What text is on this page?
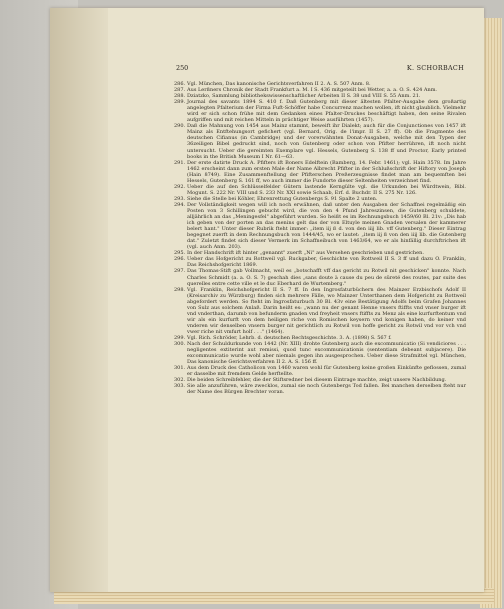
250	K. SCHORBACH
286. Vgl. München, Das kanonische Gerichtsverfahren II 2. A. S. 507 Anm. 8.
287. Aus Lerßners Chronik der Stadt Frankfurt a. M. I S. 436 mitgeteilt bei Wetter, a. a. O. S. 424 Anm.
288. Dziatzko, Sammlung bibliothekswissenschaftlicher Arbeiten II S. 38 und VIII S. 55 Anm. 21.
289. Journal des savants 1894 S. 410 f. Daß Gutenberg mit dieser ältesten Pfalter-Ausgabe dem großartig angelegten Pfalterium der Firma Fuft-Schöffer habe Concurrenz machen wollen, ift nicht glaublich. Vielmehr wird er sich schon frühe mit dem Gedanken eines Pfalter-Druckes beschäftigt haben, den seine Rivalen aufgriffen und mit reichen Mitteln in prächtiger Weise ausführten (1457).
290. Daß die Mahnung von 1454 aus Mainz stammt, beweift ihr Dialekt; auch für die Conjunctiones von 1457 ift Mainz als Entftehungsort gefichert (vgl. Bernard, Orig. de l'impr. II S. 27 ff). Ob die Fragmente des deutschen Cifianus (in Cambridge) und der vorerwähnten Donat-Ausgaben, welche mit den Typen der 36zeiligen Bibel gedruckt sind, noch von Gutenberg oder schon von Pfifter herrühren, ift noch nicht untersucht. Ueber die gereimten Exemplare vgl. Hessels, Gutenberg S. 138 ff und Proctor, Early printed books in the British Museum I Nr. 61—63.
291. Der erste datirte Druck A. Pfifters ift Boners Edelftein (Bamberg, 14. Febr. 1461); vgl. Hain 3578. Im Jahre 1462 erscheint dann zum ersten Male der Name Albrecht Pfifter in der Schlußschrift der Hiftory von Joseph (Hain 8749). Eine Zusammenftellung der Pfifterschen Preßerzeugnisse findet man am bequemften bei Hessels, Gutenberg S. 161 ff, wo auch immer die Fundorte dieser Seltenheiten verzeichnet find.
292. Ueber die auf den Schlüsselfelder Gütern lastende Kerngülte vgl. die Urkunden bei Würdtwein, Bibl. Mogunt. S. 222 Nr. VIII und S. 233 Nr. XXI sowie Schaab, Erf. d. Buchdr. II S. 275 Nr. 126.
293. Siehe die Stelle bei Köhler, Ehrenrettung Gutenbergs S. 91 Spalte 2 unten.
294. Der Vollständigkeit wegen will ich noch erwähnen, daß unter den Ausgaben der Schaffnei regelmäßig ein Posten von 3 Schillingen gebucht wird, die von den 4 Pfund Jahreszinsen, die Gutenberg schuldete, alljährlich an das „Meningesfel" abgeführt wurden. So heißt es im Rechnungsbuch 1459/60 Bl. 21v: „Dis hab ich geben von der porten an das menins gelt das der von Eltuyle meinen Gnaden versalen der kammerer belert hant." Unter dieser Rubrik fteht immer: „item iij ß d. von den iiij lib. vff Gutenberg." Dieser Eintrag begegnet zuerft in dem Rechnungsbuch von 1444/45, wo er lautet: „item iij ß von den iiij lib. die Gutenberg dat." Zuletzt findet sich dieser Vermerk im Schaffneibuch von 1463/64, wo er als hinfällig durchftrichen ift (vgl. auch Anm. 203).
295. In der Handschrift ift hinter „genannt" zuerft „Ni" aus Versehen geschrieben und gestrichen.
296. Ueber das Hofgericht zu Rottweil vgl. Ruckgaber, Geschichte von Rottweil II S. 3 ff und dazu O. Franklin, Das Reichshofgericht 1869.
297. Das Thomas-Stift gab Vollmacht, weil es „botschafft vff das gericht zu Rotwil nit geschicken" konnte. Nach Charles Schmidt (a. a. O. S. 7) geschah dies „sans doute à cause du peu de sûreté des routes, par suite des querelles entre cette ville et le duc Eberhard de Wurtemberg."
298. Vgl. Franklin, Reichshofgericht II S. 7 ff. In den Ingrosfaturbüchern des Mainzer Erzbischofs Adolf II (Kreisarchiv zu Würzburg) finden sich mehrere Fälle, wo Mainzer Unterthanen dem Hofgericht zu Rottweil abgefordert werden. So fteht im Ingrosfaturbuch 30 Bl. 43v eine Bestätigung Adolfs beim Grafen Johannes von Sulz aus solchem Anlaß. Darin heißt es: „wann nu der genant Henne vnsers ftiffts vnd vnser burger ift vnd vnderthan, darumb von befunderm gnaden vnd freyheit vnsers ftiffts zu Menz als eine kurfurftentum vnd wir als ein kurfurft von dem heiligen riche von Romischen keysern vnd konigen haben, do keiner vnd vnderen wir denselben vnsern burger nit gerichtlich zu Rotwil von hoffe gericht zu Rotwil vnd vor vch vnd vwer riche nit vmfurt holf . . ." (1464).
299. Vgl. Rich. Schröder, Lehrb. d. deutschen Rechtsgeschichte. 3. A. (1898) S. 567 f.
300. Nach der Schuldurkunde von 1442 (Nr. XIII) drohte Gutenberg auch die excommunicatio (Si vendiciores . . . negligentes extiterint aut remissi, quod tunc excommunicationis (sententiam debeant subjacere). Die excommunicatio wurde wohl aber niemals gegen ihn ausgesprochen. Ueber diese Strafmittel vgl. München, Das kanonische Gerichtsverfahren II 2. A. S. 156 ff.
301. Aus dem Druck des Catholicon von 1460 waren wohl für Gutenberg keine großen Einkünfte geflossen, zumal er dasselbe mit fremdem Gelde herftellte.
302. Die beiden Schreibfehler, die der Stiftsredner bei diesem Eintrage machte, zeigt unsere Nachbildung.
303. Sie alle anzuführen, wäre zwecklos, zumal sie noch Gutenbergs Tod fallen. Bei manchen derselben fteht nur der Name des Bürgen Brechter voran.
